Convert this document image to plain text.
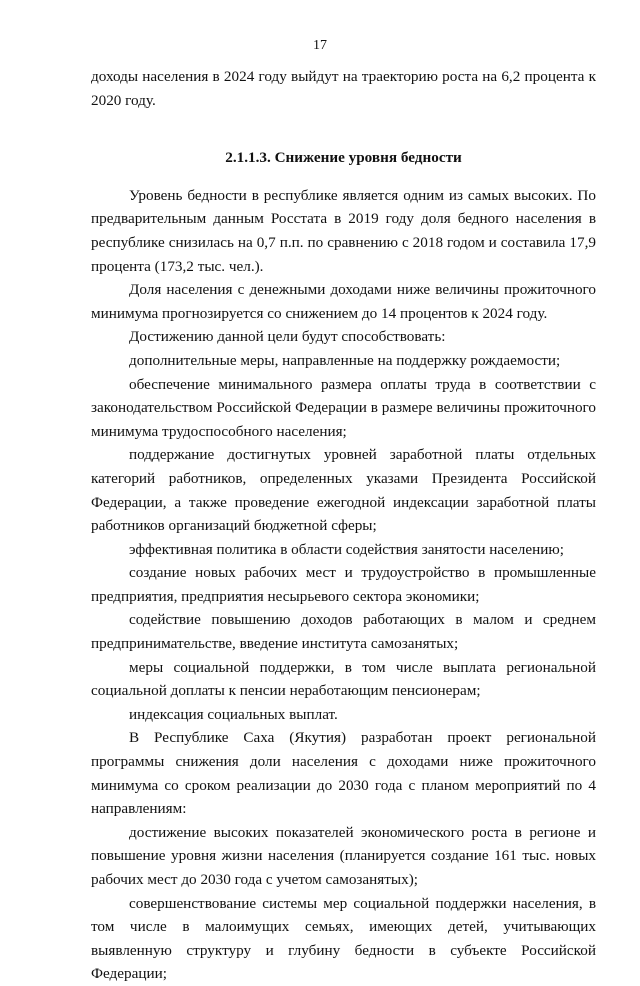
17

доходы населения в 2024 году выйдут на траекторию роста на 6,2 процента к 2020 году.

2.1.1.3. Снижение уровня бедности

Уровень бедности в республике является одним из самых высоких. По предварительным данным Росстата в 2019 году доля бедного населения в республике снизилась на 0,7 п.п. по сравнению с 2018 годом и составила 17,9 процента (173,2 тыс. чел.).

Доля населения с денежными доходами ниже величины прожиточного минимума прогнозируется со снижением до 14 процентов к 2024 году.

Достижению данной цели будут способствовать:

дополнительные меры, направленные на поддержку рождаемости;

обеспечение минимального размера оплаты труда в соответствии с законодательством Российской Федерации в размере величины прожиточного минимума трудоспособного населения;

поддержание достигнутых уровней заработной платы отдельных категорий работников, определенных указами Президента Российской Федерации, а также проведение ежегодной индексации заработной платы работников организаций бюджетной сферы;

эффективная политика в области содействия занятости населению;

создание новых рабочих мест и трудоустройство в промышленные предприятия, предприятия несырьевого сектора экономики;

содействие повышению доходов работающих в малом и среднем предпринимательстве, введение института самозанятых;

меры социальной поддержки, в том числе выплата региональной социальной доплаты к пенсии неработающим пенсионерам;

индексация социальных выплат.

В Республике Саха (Якутия) разработан проект региональной программы снижения доли населения с доходами ниже прожиточного минимума со сроком реализации до 2030 года с планом мероприятий по 4 направлениям:

достижение высоких показателей экономического роста в регионе и повышение уровня жизни населения (планируется создание 161 тыс. новых рабочих мест до 2030 года с учетом самозанятых);

совершенствование системы мер социальной поддержки населения, в том числе в малоимущих семьях, имеющих детей, учитывающих выявленную структуру и глубину бедности в субъекте Российской Федерации;
